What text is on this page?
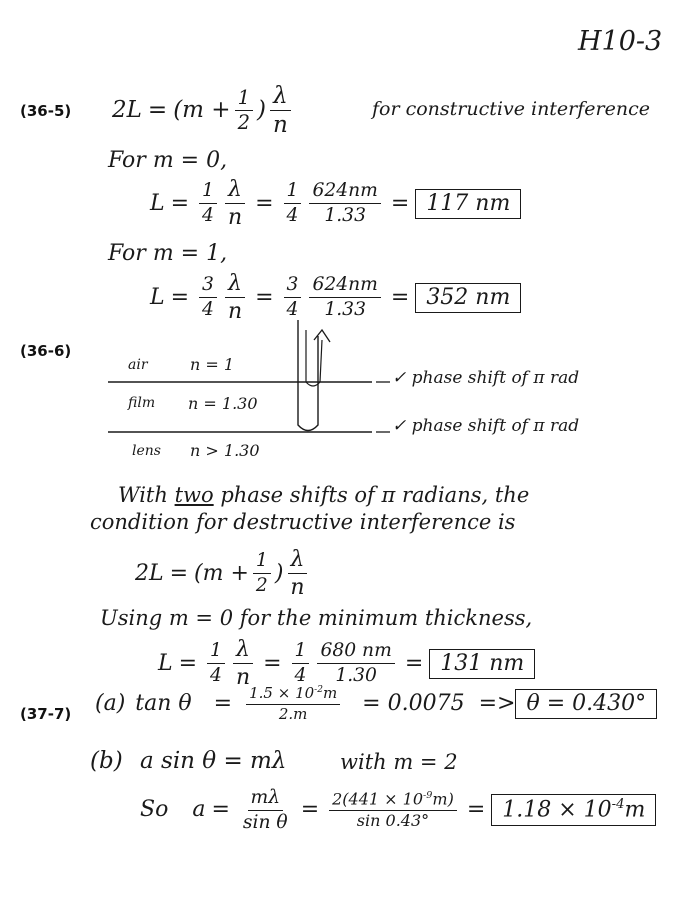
H10-3
(36-5) $2L = (m + \frac{1}{2}$ ) $\frac{\lambda}{n}$	for constructive interference
For m = 0,
$L = \frac{1}{4} \frac{\lambda}{n} = \frac{1}{4} \frac{624nm}{1.33} = 117$ nm
For m = 1,
$L = \frac{3}{4} \frac{\lambda}{n} = \frac{3}{4} \frac{624nm}{1.33} = 352$ nm
(36-6)
air	n = 1
film n = 1.30
lens n > 1.30
✓ phase shift of π rad
✓ phase shift of π rad
With two phase shifts of π radians, the
condition for destructive interference is
$2L = (m + \frac{1}{2}$ ) $\frac{\lambda}{n}$
Using m = 0 for the minimum thickness,
$L = \frac{1}{4} \frac{\lambda}{n} = \frac{1}{4} \frac{680 nm}{1.30} = 131$ nm
(37-7) (a) $\tan \theta = \frac{1.5 \times 10^{-2}m}{2.m} = 0.0075 => \theta = 0.430^\circ$
(b) a sin θ = mλ	with m = 2
So $a = \frac{m\lambda}{\text{sin θ}} = \frac{2(441 \times 10^{-9}m)}{\sin 0.43^\circ} = 1.18 \times 10^{-4}m$
